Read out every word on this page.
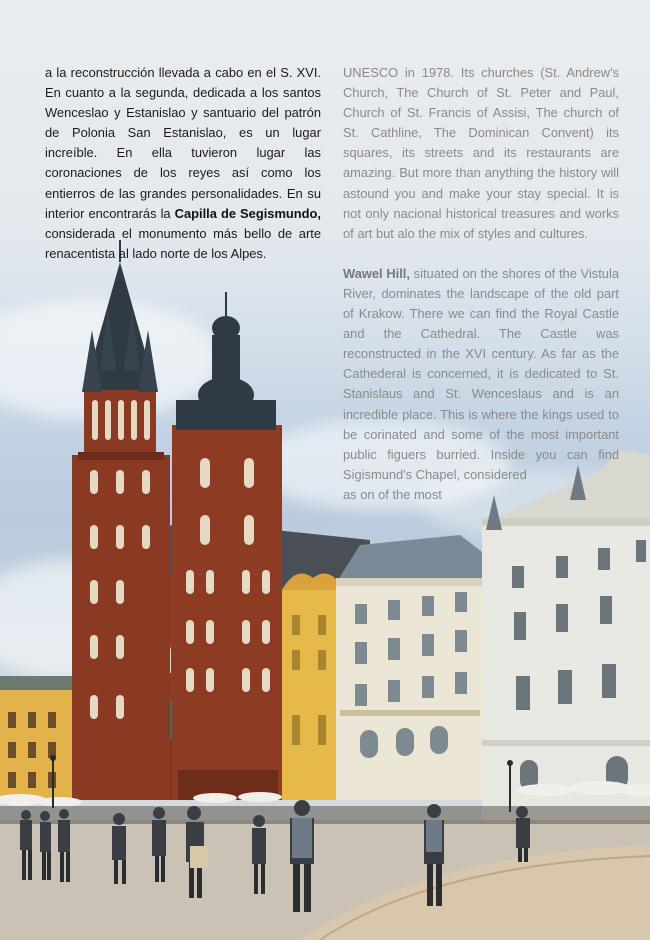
a la reconstrucción llevada a cabo en el S. XVI. En cuanto a la segunda, dedicada a los santos Wenceslao y Estanislao y santuario del patrón de Polonia San Estanislao, es un lugar increíble. En ella tuvieron lugar las coronaciones de los reyes así como los entierros de las grandes personalidades. En su interior encontrarás la Capilla de Segismundo, considerada el monumento más bello de arte renacentista al lado norte de los Alpes.

UNESCO in 1978. Its churches (St. Andrew's Church, The Church of St. Peter and Paul, Church of St. Francis of Assisi, The church of St. Cathline, The Dominican Convent) its squares, its streets and its restaurants are amazing. But more than anything the history will astound you and make your stay special. It is not only nacional historical treasures and works of art but alo the mix of styles and cultures.

Wawel Hill, situated on the shores of the Vistula River, dominates the landscape of the old part of Krakow. There we can find the Royal Castle and the Cathedral. The Castle was reconstructed in the XVI century. As far as the Cathederal is concerned, it is dedicated to St. Stanislaus and St. Wenceslaus and is an incredible place. This is where the kings used to be corinated and some of the most important public figuers burried. Inside you can find Sigismund's Chapel, considered

as on of the most
